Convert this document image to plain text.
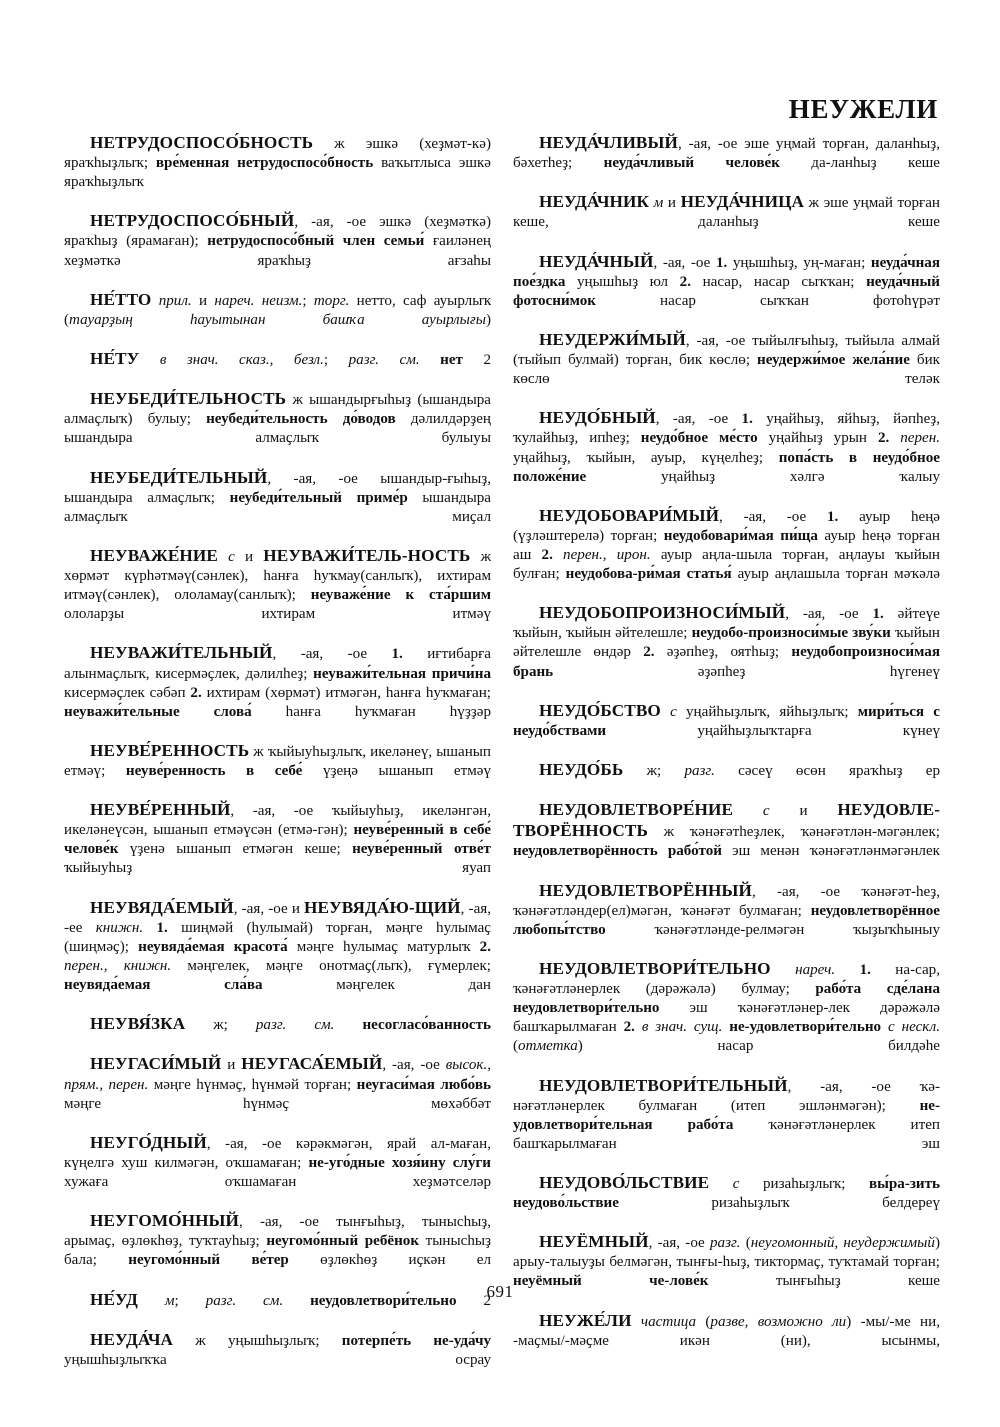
НЕУЖЕЛИ

НЕТРУДОСПОСО́БНОСТЬ ж эшкә (хеҙмәт-кә) яраҡһыҙлыҡ; вре́менная нетрудоспосо́бность ваҡытлыса эшкә яраҡһыҙлыҡ

НЕТРУДОСПОСО́БНЫЙ, -ая, -ое эшкә (хеҙмәткә) яраҡһыҙ (ярамаған); нетрудоспосо́бный член семьи́ ғаиләнең хеҙмәткә яраҡһыҙ ағзаһы

НЕ́ТТО прил. и нареч. неизм.; торг. нетто, саф ауырлыҡ (тауарҙың һауытынан башҡа ауырлығы)

НЕ́ТУ в знач. сказ., безл.; разг. см. нет 2

НЕУБЕДИ́ТЕЛЬНОСТЬ ж ышандырғыһыҙ (ышандыра алмаҫлыҡ) булыу; неубеди́тельность до́водов дәлилдәрҙең ышандыра алмаҫлыҡ булыуы

НЕУБЕДИ́ТЕЛЬНЫЙ, -ая, -ое ышандыр-ғыһыҙ, ышандыра алмаҫлыҡ; неубеди́тельный приме́р ышандыра алмаҫлыҡ миҫал

НЕУВАЖЕ́НИЕ с и НЕУВАЖИ́ТЕЛЬ-НОСТЬ ж хөрмәт күрһәтмәү(сәнлек), һанға һуҡмау(санлыҡ), ихтирам итмәү(сәнлек), ололамау(санлыҡ); неуваже́ние к ста́ршим ололарҙы ихтирам итмәү

НЕУВАЖИ́ТЕЛЬНЫЙ, -ая, -ое 1. иғтибарға алынмаҫлыҡ, кисермәҫлек, дәлилһеҙ; неуважи́тельная причи́на кисермәҫлек сәбәп 2. ихтирам (хөрмәт) итмәгән, һанға һуҡмаған; неуважи́тельные слова́ һанға һуҡмаған һүҙҙәр

НЕУВЕ́РЕННОСТЬ ж ҡыйыуһыҙлыҡ, икеләнеү, ышанып етмәү; неуве́ренность в себе́ үҙеңә ышанып етмәү

НЕУВЕ́РЕННЫЙ, -ая, -ое ҡыйыуһыҙ, икеләнгән, икеләнеүсән, ышанып етмәүсән (етмә-гән); неуве́ренный в себе́ челове́к үҙенә ышанып етмәгән кеше; неуве́ренный отве́т ҡыйыуһыҙ яуап

НЕУВЯДА́ЕМЫЙ, -ая, -ое и НЕУВЯДА́Ю-ЩИЙ, -ая, -ее книжн. 1. шиңмәй (һулымай) торған, мәңге һулымаҫ (шиңмәҫ); неувяда́емая красота́ мәңге һулымаҫ матурлыҡ 2. перен., книжн. мәңгелек, мәңге онотмаҫ(лыҡ), ғүмерлек; неувяда́емая сла́ва мәңгелек дан

НЕУВЯ́ЗКА ж; разг. см. несогласо́ванность

НЕУГАСИ́МЫЙ и НЕУГАСА́ЕМЫЙ, -ая, -ое высок., прям., перен. мәңге һүнмәҫ, һүнмәй торған; неугаси́мая любо́вь мәңге һүнмәҫ мөхәббәт

НЕУГО́ДНЫЙ, -ая, -ое кәрәкмәгән, ярай ал-маған, күңелгә хуш килмәгән, оҡшамаған; не-уго́дные хозя́ину слу́ги хужаға оҡшамаған хеҙмәтселәр

НЕУГОМО́ННЫЙ, -ая, -ое тынғыһыҙ, тынысһыҙ, арымаҫ, өҙлөкһөҙ, туҡтауһыҙ; неугомо́нный ребёнок тынысһыҙ бала; неугомо́нный ве́тер өҙлөкһөҙ иҫкән ел

НЕ́УД м; разг. см. неудовлетвори́тельно 2

НЕУДА́ЧА ж уңышһыҙлыҡ; потерпе́ть не-уда́чу уңышһыҙлыҡҡа осрау

НЕУДА́ЧЛИВЫЙ, -ая, -ое эше уңмай торған, даланһыҙ, бәхетһеҙ; неуда́чливый челове́к да-ланһыҙ кеше

НЕУДА́ЧНИК м и НЕУДА́ЧНИЦА ж эше уңмай торған кеше, даланһыҙ кеше

НЕУДА́ЧНЫЙ, -ая, -ое 1. уңышһыҙ, уң-маған; неуда́чная пое́здка уңышһыҙ юл 2. насар, насар сыҡҡан; неуда́чный фотосни́мок насар сыҡҡан фотоһүрәт

НЕУДЕРЖИ́МЫЙ, -ая, -ое тыйылғыһыҙ, тыйыла алмай (тыйып булмай) торған, бик көслө; неудержи́мое жела́ние бик көслө теләк

НЕУДО́БНЫЙ, -ая, -ое 1. уңайһыҙ, яйһыҙ, йәпһеҙ, ҡулайһыҙ, ипһеҙ; неудо́бное ме́сто уңайһыҙ урын 2. перен. уңайһыҙ, ҡыйын, ауыр, күңелһеҙ; попа́сть в неудо́бное положе́ние уңайһыҙ хәлгә ҡалыу

НЕУДОБОВАРИ́МЫЙ, -ая, -ое 1. ауыр һеңә (үҙләштерелә) торған; неудобовари́мая пи́ща ауыр һеңә торған аш 2. перен., ирон. ауыр аңла-шыла торған, аңлауы ҡыйын булған; неудобова-ри́мая статья́ ауыр аңлашыла торған мәҡәлә

НЕУДОБОПРОИЗНОСИ́МЫЙ, -ая, -ое 1. әйтеүе ҡыйын, ҡыйын әйтелешле; неудобо-произноси́мые зву́ки ҡыйын әйтелешле өндәр 2. әҙәпһеҙ, оятһыҙ; неудобопроизноси́мая брань әҙәпһеҙ һүгенеү

НЕУДО́БСТВО с уңайһыҙлыҡ, яйһыҙлыҡ; мири́ться с неудо́бствами уңайһыҙлыҡтарға күнеү

НЕУДО́БЬ ж; разг. сәсеү өсөн яраҡһыҙ ер

НЕУДОВЛЕТВОРЕ́НИЕ с и НЕУДОВЛЕ-ТВОРЁННОСТЬ ж ҡәнәғәтһеҙлек, ҡәнәғәтлән-мәгәнлек; неудовлетворённость рабо́той эш менән ҡәнәғәтләнмәгәнлек

НЕУДОВЛЕТВОРЁННЫЙ, -ая, -ое ҡәнәғәт-һеҙ, ҡәнәғәтләндер(ел)мәгән, ҡәнәғәт булмаған; неудовлетворённое любопы́тство ҡәнәғәтләнде-релмәгән ҡыҙыҡһыныу

НЕУДОВЛЕТВОРИ́ТЕЛЬНО нареч. 1. на-сар, ҡәнәғәтләнерлек (дәрәжәлә) булмау; рабо́та сде́лана неудовлетвори́тельно эш ҡәнәғәтләнер-лек дәрәжәлә башҡарылмаған 2. в знач. сущ. не-удовлетвори́тельно с нескл. (отметка) насар билдәһе

НЕУДОВЛЕТВОРИ́ТЕЛЬНЫЙ, -ая, -ое ҡә-нәғәтләнерлек булмаған (итеп эшләнмәгән); не-удовлетвори́тельная рабо́та ҡәнәғәтләнерлек итеп башҡарылмаған эш

НЕУДОВО́ЛЬСТВИЕ с ризаһыҙлыҡ; вы́ра-зить неудово́льствие ризаһыҙлыҡ белдереү

НЕУЁМНЫЙ, -ая, -ое разг. (неугомонный, неудержимый) арыу-талыуҙы белмәгән, тынғы-һыҙ, тиктормаҫ, туҡтамай торған; неуёмный че-лове́к тынғыһыҙ кеше

НЕУЖЕ́ЛИ частица (разве, возможно ли) -мы/-ме ни, -маҫмы/-мәҫме икән (ни), ысынмы,

691
